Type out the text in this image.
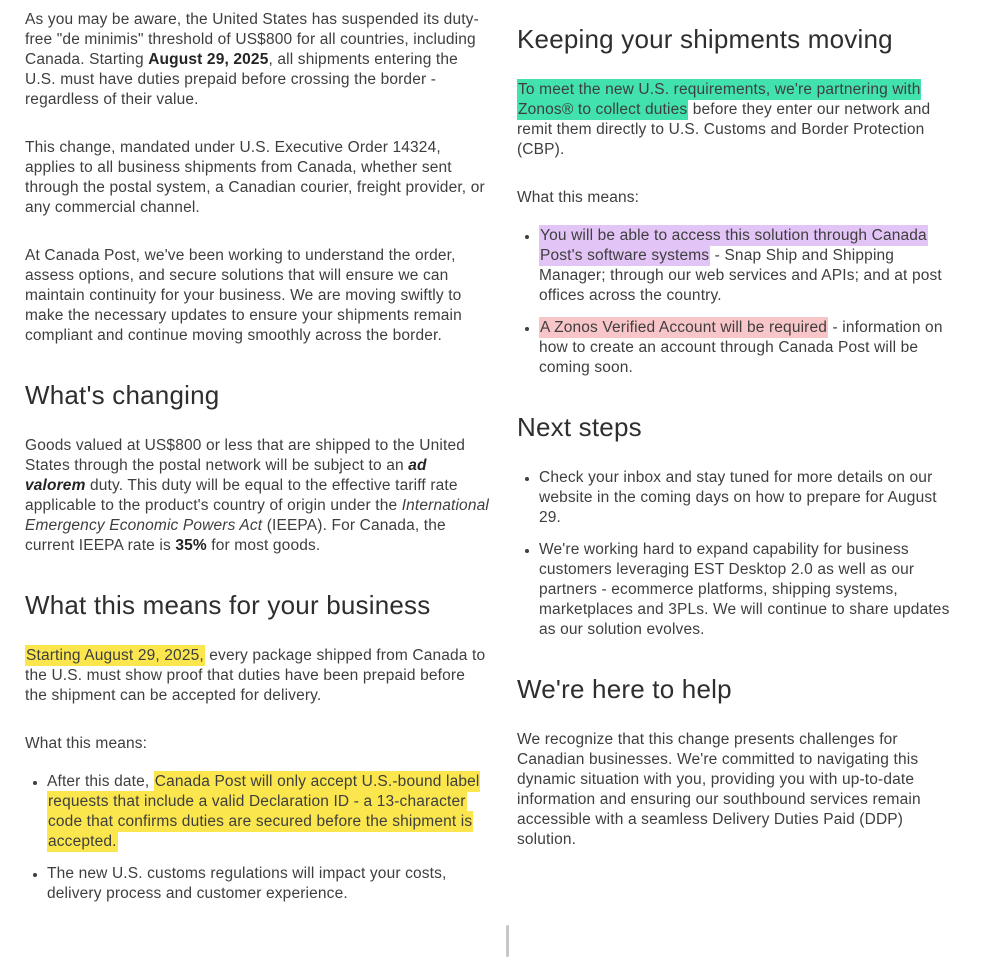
As you may be aware, the United States has suspended its duty-free "de minimis" threshold of US$800 for all countries, including Canada. Starting August 29, 2025, all shipments entering the U.S. must have duties prepaid before crossing the border - regardless of their value.

This change, mandated under U.S. Executive Order 14324, applies to all business shipments from Canada, whether sent through the postal system, a Canadian courier, freight provider, or any commercial channel.

At Canada Post, we've been working to understand the order, assess options, and secure solutions that will ensure we can maintain continuity for your business. We are moving swiftly to make the necessary updates to ensure your shipments remain compliant and continue moving smoothly across the border.

What's changing

Goods valued at US$800 or less that are shipped to the United States through the postal network will be subject to an ad valorem duty. This duty will be equal to the effective tariff rate applicable to the product's country of origin under the International Emergency Economic Powers Act (IEEPA). For Canada, the current IEEPA rate is 35% for most goods.

What this means for your business

Starting August 29, 2025, every package shipped from Canada to the U.S. must show proof that duties have been prepaid before the shipment can be accepted for delivery.

What this means:

• After this date, Canada Post will only accept U.S.-bound label requests that include a valid Declaration ID - a 13-character code that confirms duties are secured before the shipment is accepted.
• The new U.S. customs regulations will impact your costs, delivery process and customer experience.
Keeping your shipments moving

To meet the new U.S. requirements, we're partnering with Zonos® to collect duties before they enter our network and remit them directly to U.S. Customs and Border Protection (CBP).

What this means:

• You will be able to access this solution through Canada Post's software systems - Snap Ship and Shipping Manager; through our web services and APIs; and at post offices across the country.
• A Zonos Verified Account will be required - information on how to create an account through Canada Post will be coming soon.
Next steps
• Check your inbox and stay tuned for more details on our website in the coming days on how to prepare for August 29.
• We're working hard to expand capability for business customers leveraging EST Desktop 2.0 as well as our partners - ecommerce platforms, shipping systems, marketplaces and 3PLs. We will continue to share updates as our solution evolves.
We're here to help

We recognize that this change presents challenges for Canadian businesses. We're committed to navigating this dynamic situation with you, providing you with up-to-date information and ensuring our southbound services remain accessible with a seamless Delivery Duties Paid (DDP) solution.
